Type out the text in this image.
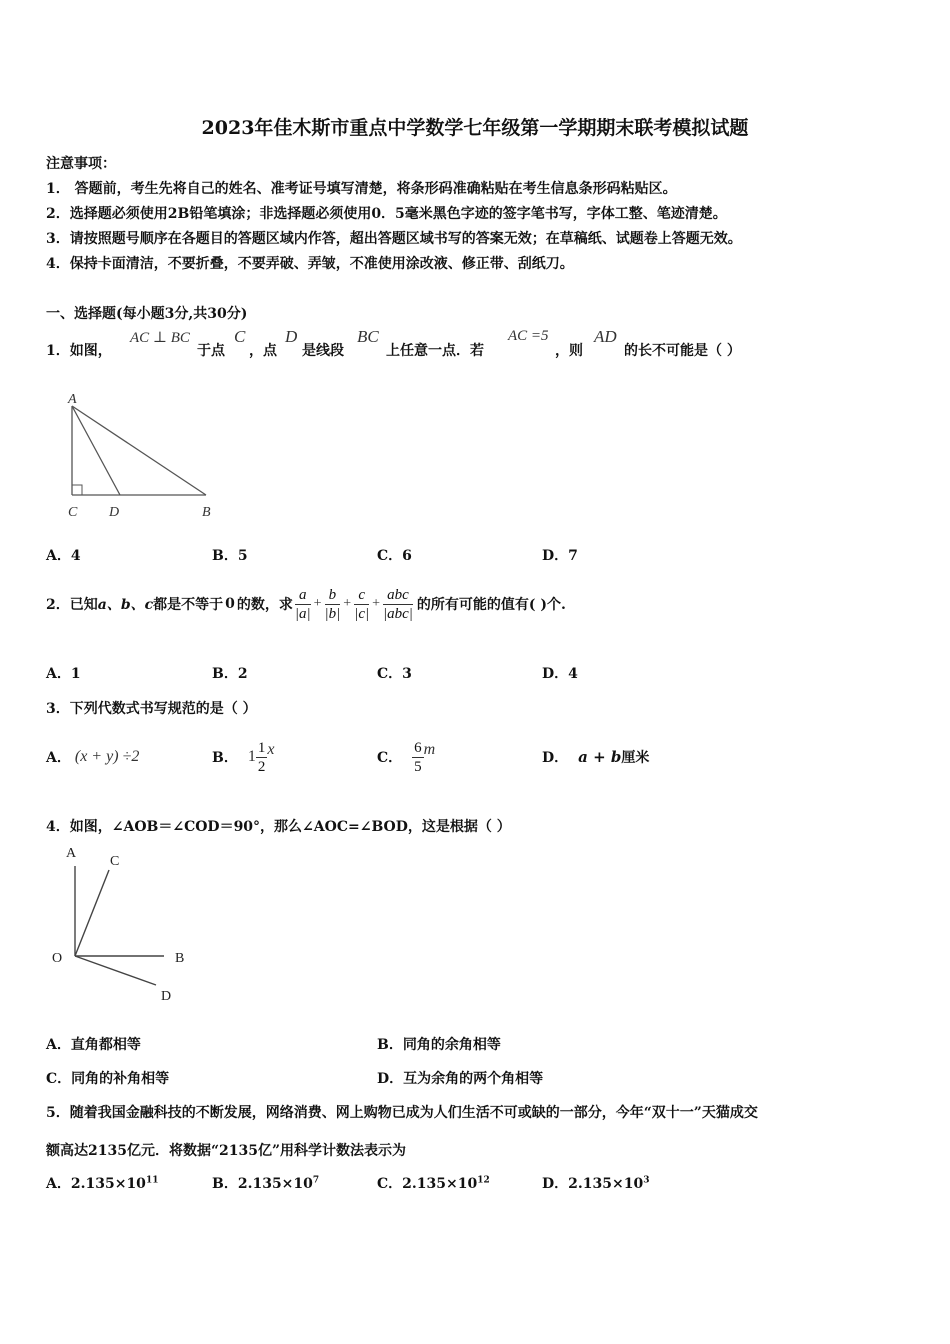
2023年佳木斯市重点中学数学七年级第一学期期末联考模拟试题
注意事项：
1． 答题前，考生先将自己的姓名、准考证号填写清楚，将条形码准确粘贴在考生信息条形码粘贴区。
2．选择题必须使用2B铅笔填涂；非选择题必须使用0．5毫米黑色字迹的签字笔书写，字体工整、笔迹清楚。
3．请按照题号顺序在各题目的答题区域内作答，超出答题区域书写的答案无效；在草稿纸、试题卷上答题无效。
4．保持卡面清洁，不要折叠，不要弄破、弄皱，不准使用涂改液、修正带、刮纸刀。
一、选择题(每小题3分,共30分)
1．如图，
AC ⊥ BC
于点
C
，点
D
是线段
BC
上任意一点．若
AC =5
，则
AD
的长不可能是（ ）
A
C D	B
A．4	B．5	C．6	D．7
2．已知 a、b、c 都是不等于 0 的数，求 $\frac{a}{|a|} + \frac{b}{|b|} + \frac{c}{|c|} + \frac{\text{abc}}{\text{|abc|}}$ 的所有可能的值有( )个.
A．1	B．2	C．3	D．4
3．下列代数式书写规范的是（ ）
A． (x + y) ÷2	B． $1 \frac{1}{2}$ x	C． $\frac{6}{5}$ m	D． a + b 厘米
4．如图，∠AOB＝∠COD＝90°，那么∠AOC=∠BOD，这是根据（ ）
A
C
O	B
D
A．直角都相等	B．同角的余角相等
C．同角的补角相等	D．互为余角的两个角相等
5．随着我国金融科技的不断发展，网络消费、网上购物已成为人们生活不可或缺的一部分，今年“双十一”天猫成交
额高达2135亿元．将数据“2135亿”用科学计数法表示为
A．$2.135\times 10^{11}$	B．$2.135\times 10^7$	C．$2.135\times 10^{12}$	D．$2.135\times 10^3$
